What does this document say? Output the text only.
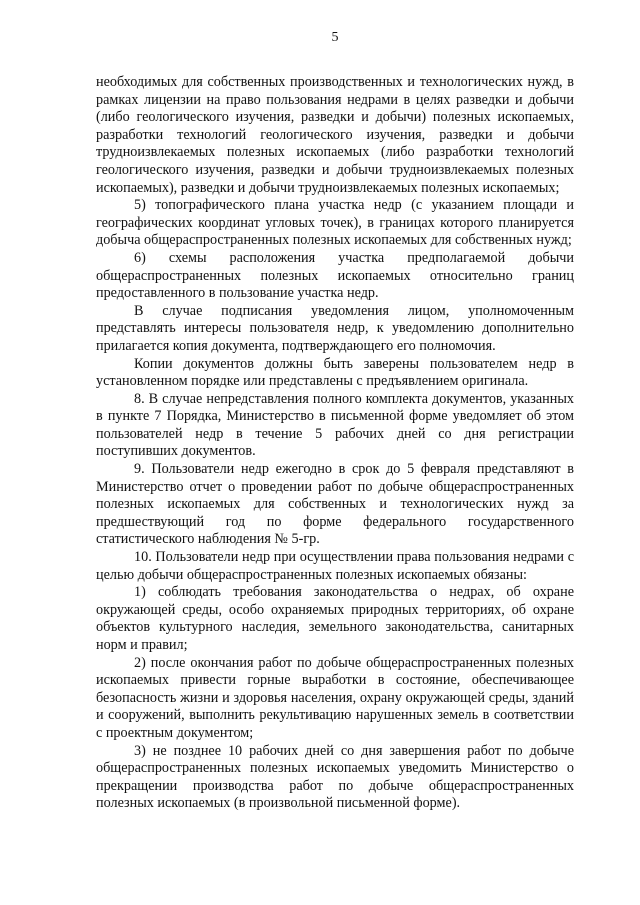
5

необходимых для собственных производственных и технологических нужд, в рамках лицензии на право пользования недрами в целях разведки и добычи (либо геологического изучения, разведки и добычи) полезных ископаемых, разработки технологий геологического изучения, разведки и добычи трудноизвлекаемых полезных ископаемых (либо разработки технологий геологического изучения, разведки и добычи трудноизвлекаемых полезных ископаемых), разведки и добычи трудноизвлекаемых полезных ископаемых;

5) топографического плана участка недр (с указанием площади и географических координат угловых точек), в границах которого планируется добыча общераспространенных полезных ископаемых для собственных нужд;

6) схемы расположения участка предполагаемой добычи общераспространенных полезных ископаемых относительно границ предоставленного в пользование участка недр.

В случае подписания уведомления лицом, уполномоченным представлять интересы пользователя недр, к уведомлению дополнительно прилагается копия документа, подтверждающего его полномочия.

Копии документов должны быть заверены пользователем недр в установленном порядке или представлены с предъявлением оригинала.

8. В случае непредставления полного комплекта документов, указанных в пункте 7 Порядка, Министерство в письменной форме уведомляет об этом пользователей недр в течение 5 рабочих дней со дня регистрации поступивших документов.

9. Пользователи недр ежегодно в срок до 5 февраля представляют в Министерство отчет о проведении работ по добыче общераспространенных полезных ископаемых для собственных и технологических нужд за предшествующий год по форме федерального государственного статистического наблюдения № 5-гр.

10. Пользователи недр при осуществлении права пользования недрами с целью добычи общераспространенных полезных ископаемых обязаны:

1) соблюдать требования законодательства о недрах, об охране окружающей среды, особо охраняемых природных территориях, об охране объектов культурного наследия, земельного законодательства, санитарных норм и правил;

2) после окончания работ по добыче общераспространенных полезных ископаемых привести горные выработки в состояние, обеспечивающее безопасность жизни и здоровья населения, охрану окружающей среды, зданий и сооружений, выполнить рекультивацию нарушенных земель в соответствии с проектным документом;

3) не позднее 10 рабочих дней со дня завершения работ по добыче общераспространенных полезных ископаемых уведомить Министерство о прекращении производства работ по добыче общераспространенных полезных ископаемых (в произвольной письменной форме).
